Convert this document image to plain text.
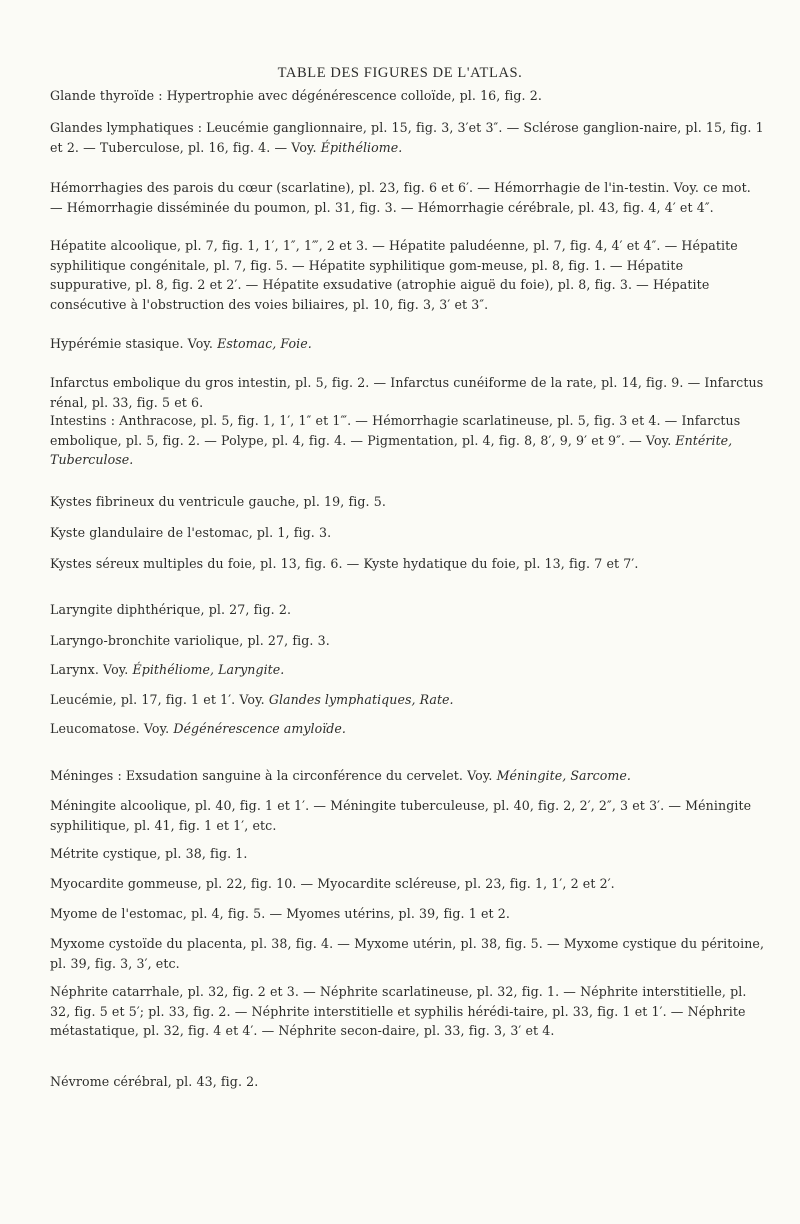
TABLE DES FIGURES DE L'ATLAS.

Glande thyroïde : Hypertrophie avec dégénérescence colloïde, pl. 16, fig. 2.

Glandes lymphatiques : Leucémie ganglionnaire, pl. 15, fig. 3, 3′et 3″. — Sclérose ganglion-naire, pl. 15, fig. 1 et 2. — Tuberculose, pl. 16, fig. 4. — Voy. Épithéliome.

Hémorrhagies des parois du cœur (scarlatine), pl. 23, fig. 6 et 6′. — Hémorrhagie de l'in-testin. Voy. ce mot. — Hémorrhagie disséminée du poumon, pl. 31, fig. 3. — Hémorrhagie cérébrale, pl. 43, fig. 4, 4′ et 4″.

Hépatite alcoolique, pl. 7, fig. 1, 1′, 1″, 1‴, 2 et 3. — Hépatite paludéenne, pl. 7, fig. 4, 4′ et 4″. — Hépatite syphilitique congénitale, pl. 7, fig. 5. — Hépatite syphilitique gom-meuse, pl. 8, fig. 1. — Hépatite suppurative, pl. 8, fig. 2 et 2′. — Hépatite exsudative (atrophie aiguë du foie), pl. 8, fig. 3. — Hépatite consécutive à l'obstruction des voies biliaires, pl. 10, fig. 3, 3′ et 3″.

Hypérémie stasique. Voy. Estomac, Foie.

Infarctus embolique du gros intestin, pl. 5, fig. 2. — Infarctus cunéiforme de la rate, pl. 14, fig. 9. — Infarctus rénal, pl. 33, fig. 5 et 6.

Intestins : Anthracose, pl. 5, fig. 1, 1′, 1″ et 1‴. — Hémorrhagie scarlatineuse, pl. 5, fig. 3 et 4. — Infarctus embolique, pl. 5, fig. 2. — Polype, pl. 4, fig. 4. — Pigmentation, pl. 4, fig. 8, 8′, 9, 9′ et 9″. — Voy. Entérite, Tuberculose.

Kystes fibrineux du ventricule gauche, pl. 19, fig. 5.

Kyste glandulaire de l'estomac, pl. 1, fig. 3.

Kystes séreux multiples du foie, pl. 13, fig. 6. — Kyste hydatique du foie, pl. 13, fig. 7 et 7′.

Laryngite diphthérique, pl. 27, fig. 2.

Laryngo-bronchite variolique, pl. 27, fig. 3.

Larynx. Voy. Épithéliome, Laryngite.

Leucémie, pl. 17, fig. 1 et 1′. Voy. Glandes lymphatiques, Rate.

Leucomatose. Voy. Dégénérescence amyloïde.

Méninges : Exsudation sanguine à la circonférence du cervelet. Voy. Méningite, Sarcome.

Méningite alcoolique, pl. 40, fig. 1 et 1′. — Méningite tuberculeuse, pl. 40, fig. 2, 2′, 2″, 3 et 3′. — Méningite syphilitique, pl. 41, fig. 1 et 1′, etc.

Métrite cystique, pl. 38, fig. 1.

Myocardite gommeuse, pl. 22, fig. 10. — Myocardite scléreuse, pl. 23, fig. 1, 1′, 2 et 2′.

Myome de l'estomac, pl. 4, fig. 5. — Myomes utérins, pl. 39, fig. 1 et 2.

Myxome cystoïde du placenta, pl. 38, fig. 4. — Myxome utérin, pl. 38, fig. 5. — Myxome cystique du péritoine, pl. 39, fig. 3, 3′, etc.

Néphrite catarrhale, pl. 32, fig. 2 et 3. — Néphrite scarlatineuse, pl. 32, fig. 1. — Néphrite interstitielle, pl. 32, fig. 5 et 5′; pl. 33, fig. 2. — Néphrite interstitielle et syphilis hérédi-taire, pl. 33, fig. 1 et 1′. — Néphrite métastatique, pl. 32, fig. 4 et 4′. — Néphrite secon-daire, pl. 33, fig. 3, 3′ et 4.

Névrome cérébral, pl. 43, fig. 2.
